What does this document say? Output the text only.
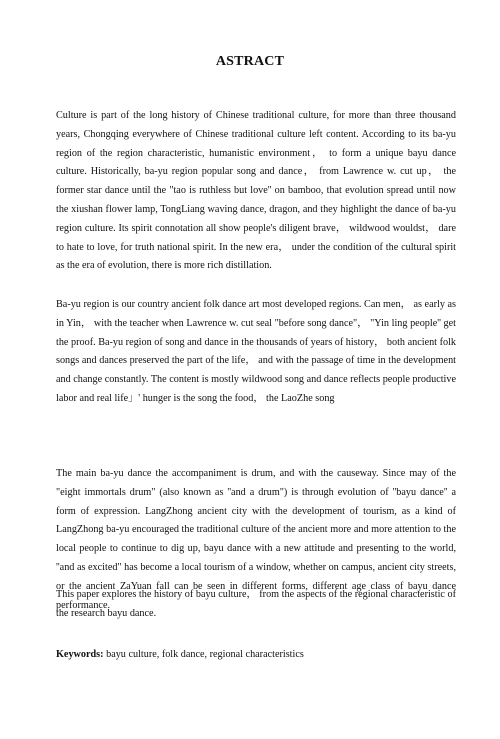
ASTRACT

Culture is part of the long history of Chinese traditional culture, for more than three thousand years, Chongqing everywhere of Chinese traditional culture left content. According to its ba-yu region of the region characteristic, humanistic environment， to form a unique bayu dance culture. Historically, ba-yu region popular song and dance， from Lawrence w. cut up， the former star dance until the "tao is ruthless but love'' on bamboo, that evolution spread until now the xiushan flower lamp, TongLiang waving dance, dragon, and they highlight the dance of ba-yu region culture. Its spirit connotation all show people's diligent brave， wildwood wouldst， dare to hate to love, for truth national spirit. In the new era， under the condition of the cultural spirit as the era of evolution, there is more rich distillation.

Ba-yu region is our country ancient folk dance art most developed regions. Can men， as early as in Yin， with the teacher when Lawrence w. cut seal "before song dance"， "Yin ling people'' get the proof. Ba-yu region of song and dance in the thousands of years of history， both ancient folk songs and dances preserved the part of the life， and with the passage of time in the development and change constantly. The content is mostly wildwood song and dance reflects people productive labor and real life」' hunger is the song the food， the LaoZhe song

The main ba-yu dance the accompaniment is drum, and with the causeway. Since may of the "eight immortals drum" (also known as ''and a drum") is through evolution of ''bayu dance'' a form of expression. LangZhong ancient city with the development of tourism, as a kind of LangZhong ba-yu encouraged the traditional culture of the ancient more and more attention to the local people to continue to dig up, bayu dance with a new attitude and presenting to the world, ''and as excited" has become a local tourism of a window, whether on campus, ancient city streets, or the ancient ZaYuan fall can be seen in different forms, different age class of bayu dance performance.

This paper explores the history of bayu culture， from the aspects of the regional characteristic of the research bayu dance.

Keywords: bayu culture, folk dance, regional characteristics
